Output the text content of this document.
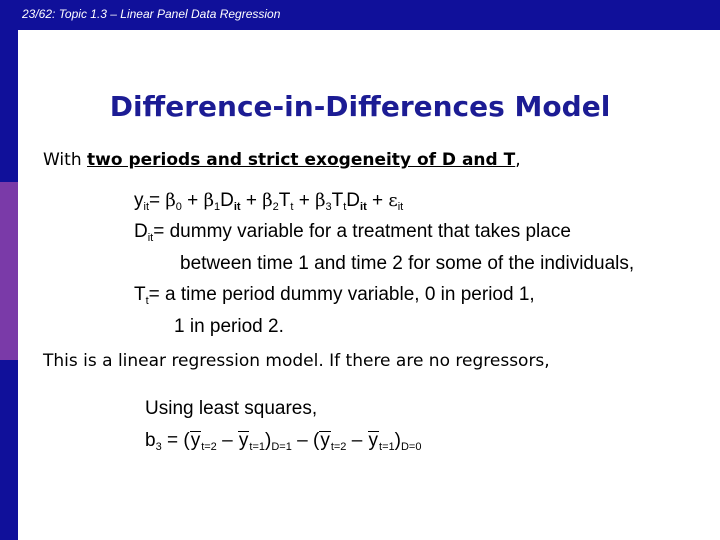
23/62: Topic 1.3 – Linear Panel Data Regression
Difference-in-Differences Model
With two periods and strict exogeneity of D and T,
$y_{it}= \beta_0 + \beta_1D_{it} + \beta_2T_t + \beta_3T_tD_{it} + \varepsilon_{it}$
$D_{it}=$ dummy variable for a treatment that takes place
between time 1 and time 2 for some of the individuals,
$T_t= a$ time period dummy variable, 0 in period 1,
1 in period 2.
This is a linear regression model. If there are no regressors,
Using least squares,
$b_3 = (y_{t=2} - y_{t=1})_{D=1} - (y_{t=2} - y_{t=1})_{D=0}$
